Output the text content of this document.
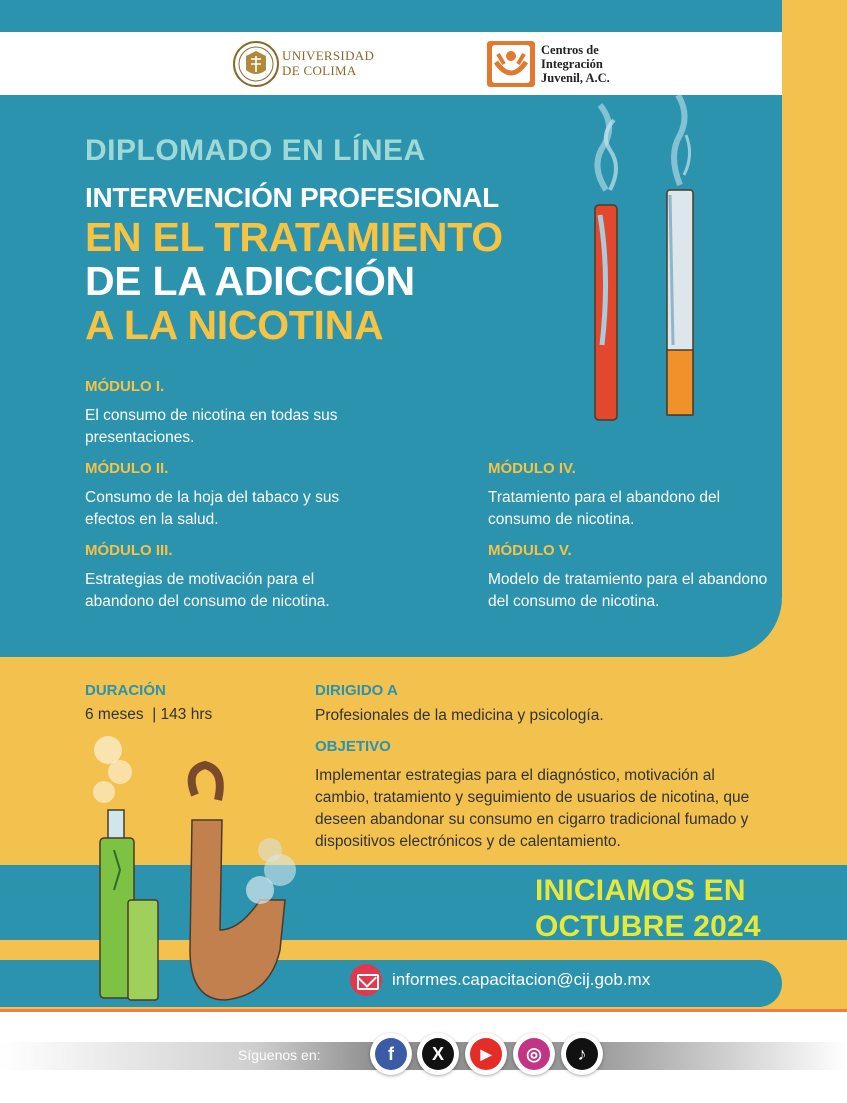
UNIVERSIDAD
DE COLIMA
Centros de
Integración
Juvenil, A.C.
DIPLOMADO EN LÍNEA
INTERVENCIÓN PROFESIONAL
EN EL TRATAMIENTO
DE LA ADICCIÓN
A LA NICOTINA
MÓDULO I.
El consumo de nicotina en todas sus presentaciones.
MÓDULO II.
Consumo de la hoja del tabaco y sus efectos en la salud.
MÓDULO III.
Estrategias de motivación para el abandono del consumo de nicotina.
MÓDULO IV.
Tratamiento para el abandono del consumo de nicotina.
MÓDULO V.
Modelo de tratamiento para el abandono del consumo de nicotina.
DURACIÓN
6 meses  | 143 hrs
DIRIGIDO A
Profesionales de la medicina y psicología.
OBJETIVO
Implementar estrategias para el diagnóstico, motivación al cambio, tratamiento y seguimiento de usuarios de nicotina, que deseen abandonar su consumo en cigarro tradicional fumado y dispositivos electrónicos y de calentamiento.
INICIAMOS EN
OCTUBRE 2024
informes.capacitacion@cij.gob.mx
Síguenos en:	f	X	▶	◎	♪
